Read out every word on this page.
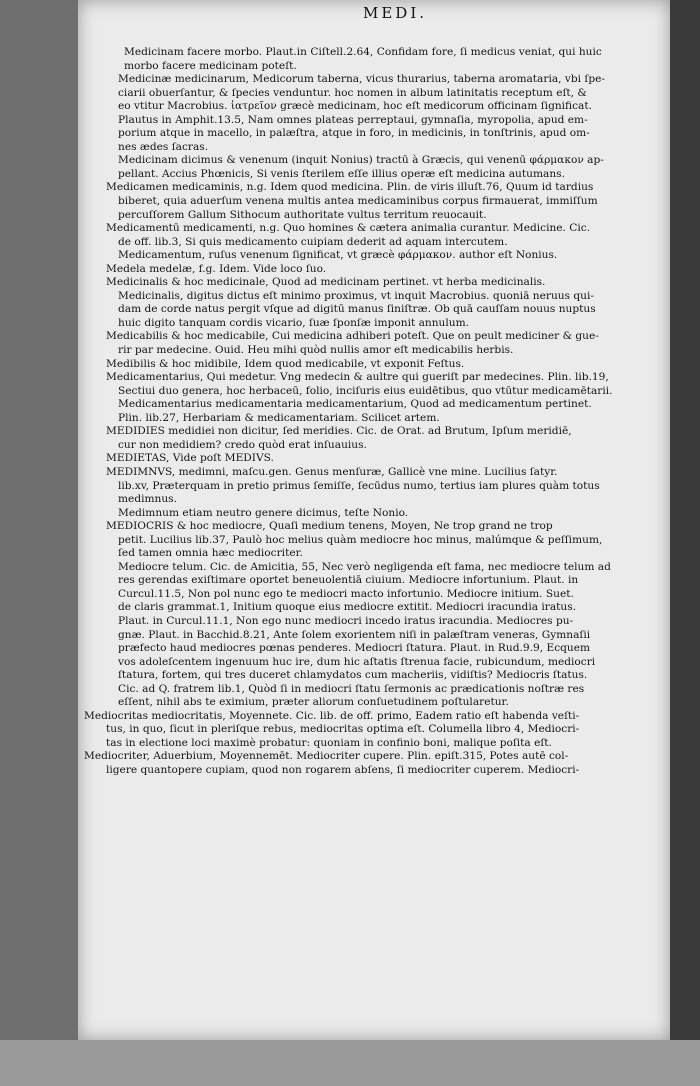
MEDI.
Medicinam facere morbo. Plaut.in Ciſtell.2.64, Confidam fore, ſi medicus veniat, qui huic
morbo facere medicinam poteſt.
Medicinæ medicinarum, Medicorum taberna, vicus thurarius, taberna aromataria, vbi ſpe-
ciarii obuerſantur, & ſpecies venduntur. hoc nomen in album latinitatis receptum eſt, &
eo vtitur Macrobius. ἰατρεῖον græcè medicinam, hoc eſt medicorum officinam ſignificat.
Plautus in Amphit.13.5, Nam omnes plateas perreptaui, gymnaſia, myropolia, apud em-
porium atque in macello, in palæſtra, atque in foro, in medicinis, in tonſtrinis, apud om-
nes ædes ſacras.
Medicinam dicimus & venenum (inquit Nonius) tractū à Græcis, qui venenū φάρμακον ap-
pellant. Accius Phœnicis, Si venis ſterilem eſſe illius operæ eſt medicina autumans.
Medicamen medicaminis, n.g. Idem quod medicina. Plin. de viris illuſt.76, Quum id tardius
biberet, quia aduerſum venena multis antea medicaminibus corpus firmauerat, immiſſum
percuſſorem Gallum Sithocum authoritate vultus territum reuocauit.
Medicamentū medicamenti, n.g. Quo homines & cætera animalia curantur. Medicine. Cic.
de off. lib.3, Si quis medicamento cuipiam dederit ad aquam intercutem.
Medicamentum, ruſus venenum ſignificat, vt græcè φάρμακον. author eſt Nonius.
Medela medelæ, f.g. Idem. Vide loco ſuo.
Medicinalis & hoc medicinale, Quod ad medicinam pertinet. vt herba medicinalis.
Medicinalis, digitus dictus eſt minimo proximus, vt inquit Macrobius. quoniā neruus qui-
dam de corde natus pergit vſque ad digitū manus ſiniſtræ. Ob quā cauſſam nouus nuptus
huic digito tanquam cordis vicario, ſuæ ſponſæ imponit annulum.
Medicabilis & hoc medicabile, Cui medicina adhiberi poteſt. Que on peult mediciner & gue-
rir par medecine. Ouid. Heu mihi quòd nullis amor eſt medicabilis herbis.
Medibilis & hoc midibile, Idem quod medicabile, vt exponit Feſtus.
Medicamentarius, Qui medetur. Vng medecin & aultre qui gueriſt par medecines. Plin. lib.19,
Sectiui duo genera, hoc herbaceū, folio, inciſuris eius euidētibus, quo vtūtur medicamētarii.
Medicamentarius medicamentaria medicamentarium, Quod ad medicamentum pertinet.
Plin. lib.27, Herbariam & medicamentariam. Scilicet artem.
MEDIDIES medidiei non dicitur, ſed meridies. Cic. de Orat. ad Brutum, Ipſum meridiē,
cur non medidiem? credo quòd erat inſuauius.
MEDIETAS, Vide poſt MEDIVS.
MEDIMNVS, medimni, maſcu.gen. Genus menſuræ, Gallicè vne mine. Lucilius ſatyr.
lib.xv, Præterquam in pretio primus ſemiſſe, ſecūdus numo, tertius iam plures quàm totus
medimnus.
Medimnum etiam neutro genere dicimus, teſte Nonio.
MEDIOCRIS & hoc mediocre, Quaſi medium tenens, Moyen, Ne trop grand ne trop
petit. Lucilius lib.37, Paulò hoc melius quàm mediocre hoc minus, malúmque & peſſimum,
ſed tamen omnia hæc mediocriter.
Mediocre telum. Cic. de Amicitia, 55, Nec verò negligenda eſt fama, nec mediocre telum ad
res gerendas exiſtimare oportet beneuolentiā ciuium. Mediocre infortunium. Plaut. in
Curcul.11.5, Non pol nunc ego te mediocri macto infortunio. Mediocre initium. Suet.
de claris grammat.1, Initium quoque eius mediocre extitit. Mediocri iracundia iratus.
Plaut. in Curcul.11.1, Non ego nunc mediocri incedo iratus iracundia. Mediocres pu-
gnæ. Plaut. in Bacchid.8.21, Ante ſolem exorientem niſi in palæſtram veneras, Gymnaſii
præfecto haud mediocres pœnas penderes. Mediocri ſtatura. Plaut. in Rud.9.9, Ecquem
vos adoleſcentem ingenuum huc ire, dum hic aſtatis ſtrenua facie, rubicundum, mediocri
ſtatura, fortem, qui tres duceret chlamydatos cum macheriis, vidiſtis? Mediocris ſtatus.
Cic. ad Q. fratrem lib.1, Quòd ſi in mediocri ſtatu ſermonis ac prædicationis noſtræ res
eſſent, nihil abs te eximium, præter aliorum conſuetudinem poſtularetur.
Mediocritas mediocritatis, Moyennete. Cic. lib. de off. primo, Eadem ratio eſt habenda veſti-
tus, in quo, ſicut in pleriſque rebus, mediocritas optima eſt. Columella libro 4, Mediocri-
tas in electione loci maximè probatur: quoniam in confinio boni, malique poſita eſt.
Mediocriter, Aduerbium, Moyennemēt. Mediocriter cupere. Plin. epiſt.315, Potes autē col-
ligere quantopere cupiam, quod non rogarem abſens, ſi mediocriter cuperem. Mediocri-
